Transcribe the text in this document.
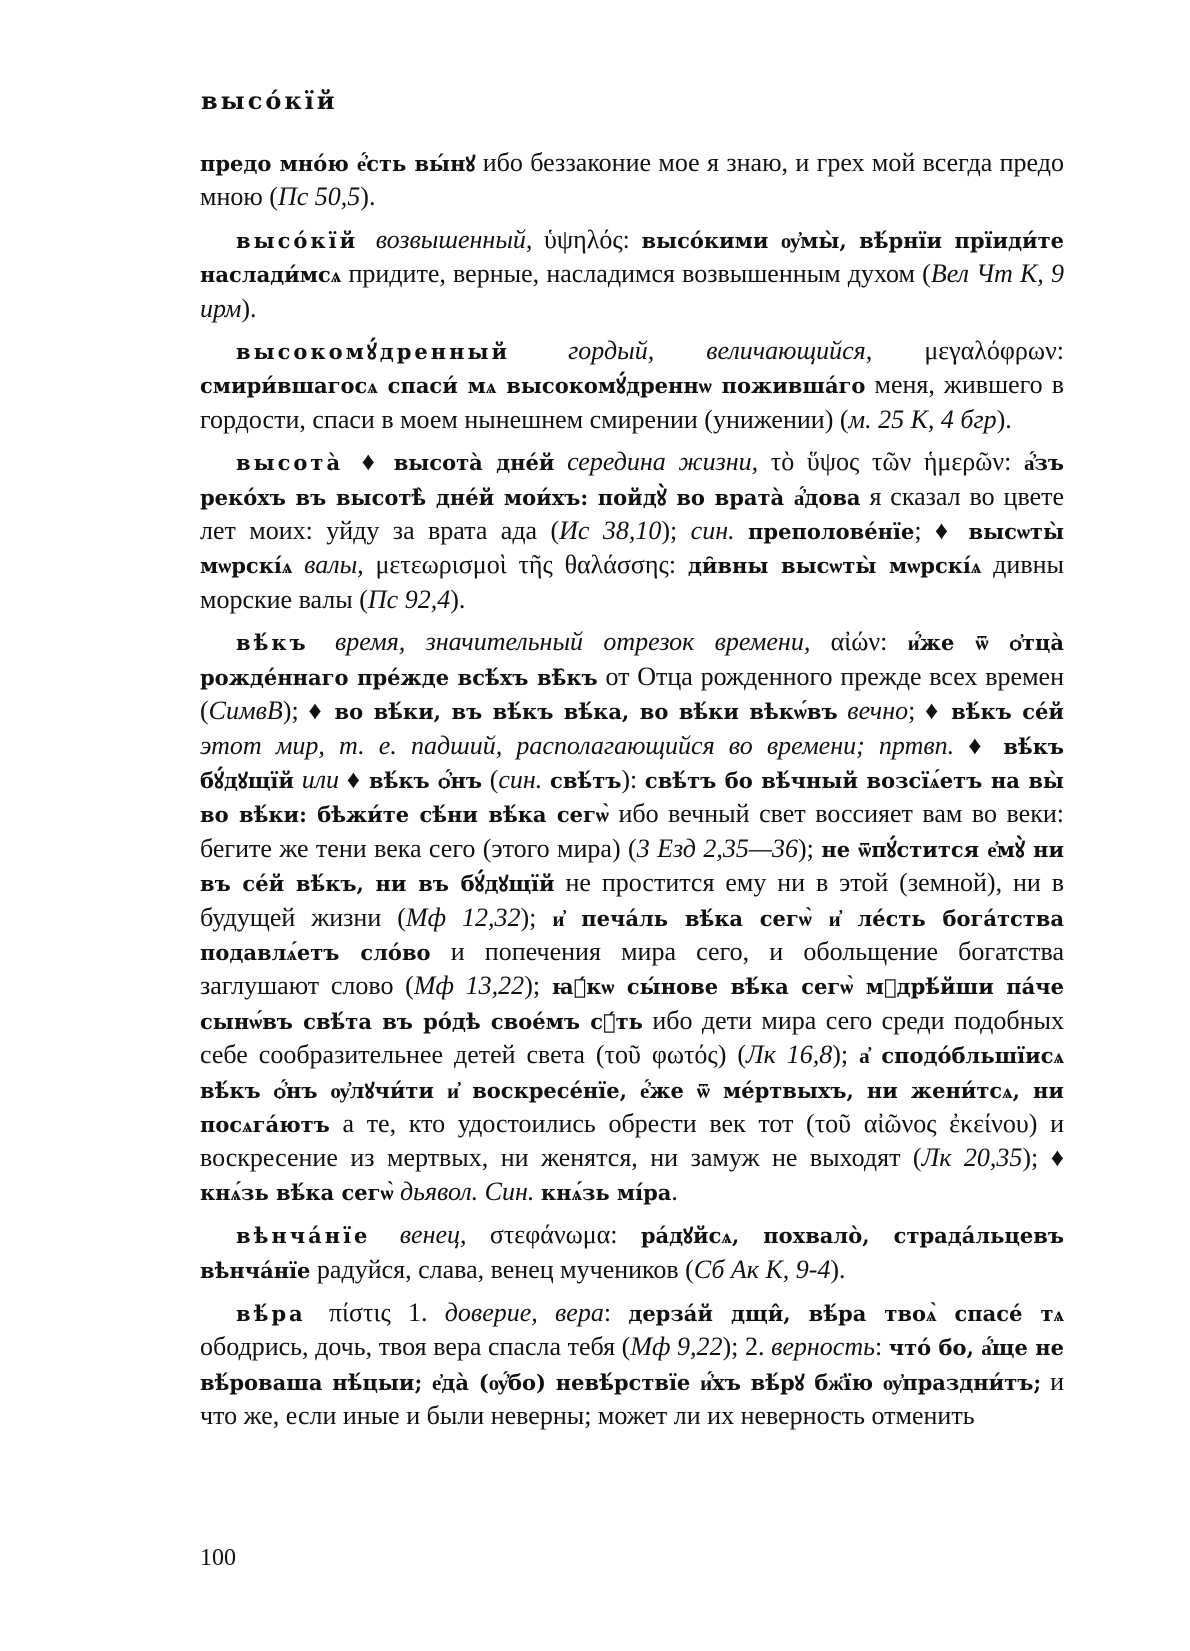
высо́кїй

предо мно́ю е҆́сть вы́нꙋ ибо беззаконие мое я знаю, и грех мой всегда предо мною (Пс 50,5).

высо́кїй возвышенный, ὑψηλός: высо́кими ѹ҆мы̀, вѣ́рнїи прїиди́те наслади́мсѧ придите, верные, насладимся возвышенным духом (Вел Чт К, 9 ирм).

высокомꙋ́дренный гордый, величающийся, μεγαλόφρων: смири́вшагосѧ спаси́ мѧ высокомꙋ́дреннѡ поживша́го меня, жившего в гордости, спаси в моем нынешнем смирении (унижении) (м. 25 К, 4 бгр).

высота̀ ♦ высота̀ дне́й середина жизни, τὸ ὕψος τῶν ἡμερῶν: а҆́зъ реко́хъ въ высотѣ̀ дне́й мои́хъ: пойдꙋ̀ во врата̀ а҆́дова я сказал во цвете лет моих: уйду за врата ада (Ис 38,10); син. преполове́нїе; ♦ высѡты̀ мѡрскі́ѧ валы, μετεωρισμοὶ τῆς θαλάσσης: ди̑вны высѡты̀ мѡрскі́ѧ дивны морские валы (Пс 92,4).

вѣ́къ время, значительный отрезок времени, αἰών: и҆́же ѿ ѻ҆тца̀ рожде́ннаго пре́жде всѣ́хъ вѣ̑къ от Отца рожденного прежде всех времен (СимвВ); ♦ во вѣ́ки, въ вѣ́къ вѣ́ка, во вѣ́ки вѣкѡ́въ вечно; ♦ вѣ́къ се́й этот мир, т. е. падший, располагающийся во времени; пртвп. ♦ вѣ́къ бꙋ́дꙋщїй или ♦ вѣ́къ ѻ҆́нъ (син. свѣ́тъ): свѣ́тъ бо вѣ́чный возсїѧ́етъ на вы̀ во вѣ́ки: бѣжи́те сѣ́ни вѣ́ка сегѡ̀ ибо вечный свет воссияет вам во веки: бегите же тени века сего (этого мира) (3 Езд 2,35—36); не ѿпꙋ́стится е҆мꙋ̀ ни въ се́й вѣ́къ, ни въ бꙋ́дꙋщїй не простится ему ни в этой (земной), ни в будущей жизни (Мф 12,32); и҆ печа́ль вѣ́ка сегѡ̀ и҆ ле́сть бога́тства подавлѧ́етъ сло́во и попечения мира сего, и обольщение богатства заглушают слово (Мф 13,22); ꙗ҆́кѡ сы́нове вѣ́ка сегѡ̀ мꙋдрѣ́йши па́че сынѡ́въ свѣ́та въ ро́дѣ свое́мъ сꙋ́ть ибо дети мира сего среди подобных себе сообразительнее детей света (τοῦ φωτός) (Лк 16,8); а҆ сподо́бльшїисѧ вѣ́къ ѻ҆́нъ ѹ҆лꙋчи́ти и҆ воскресе́нїе, е҆́же ѿ ме́ртвыхъ, ни жени́тсѧ, ни посѧга́ютъ а те, кто удостоились обрести век тот (τοῦ αἰῶνος ἐκείνου) и воскресение из мертвых, ни женятся, ни замуж не выходят (Лк 20,35); ♦ кнѧ́зь вѣ́ка сегѡ̀ дьявол. Син. кнѧ́зь мі́ра.

вѣнча́нїе венец, στεφάνωμα: ра́дꙋйсѧ, похвало̀, страда́льцевъ вѣнча́нїе радуйся, слава, венец мучеников (Сб Ак К, 9-4).

вѣ́ра πίστις 1. доверие, вера: дерза́й дщи̂, вѣ́ра твоѧ̀ спасе́ тѧ ободрись, дочь, твоя вера спасла тебя (Мф 9,22); 2. верность: что́ бо, а҆́ще не вѣ́роваша нѣ́цыи; е҆да̀ (ѹ҆́бо) невѣ́рствїе и҆́хъ вѣ́рꙋ бж҃їю ѹ҆праздни́тъ; и что же, если иные и были неверны; может ли их неверность отменить

100
